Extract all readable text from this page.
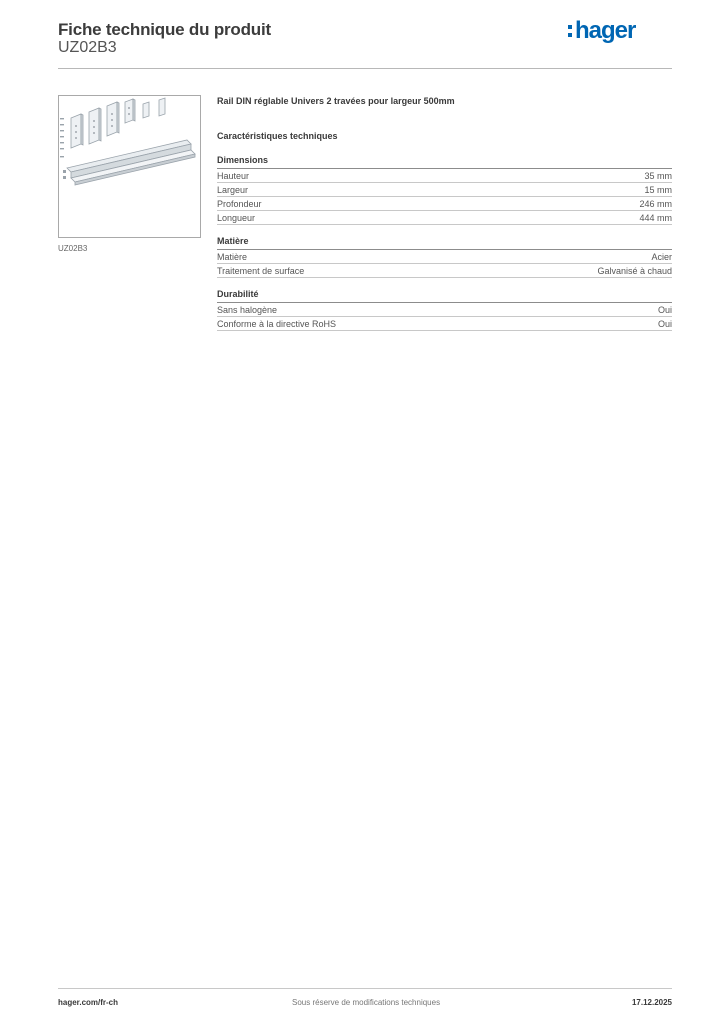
Fiche technique du produit
UZ02B3
hager
UZ02B3
Rail DIN réglable Univers 2 travées pour largeur 500mm
Caractéristiques techniques
Dimensions
Hauteur	35 mm
Largeur	15 mm
Profondeur	246 mm
Longueur	444 mm
Matière
Matière	Acier
Traitement de surface	Galvanisé à chaud
Durabilité
Sans halogène	Oui
Conforme à la directive RoHS	Oui
hager.com/fr-ch	Sous réserve de modifications techniques	17.12.2025
